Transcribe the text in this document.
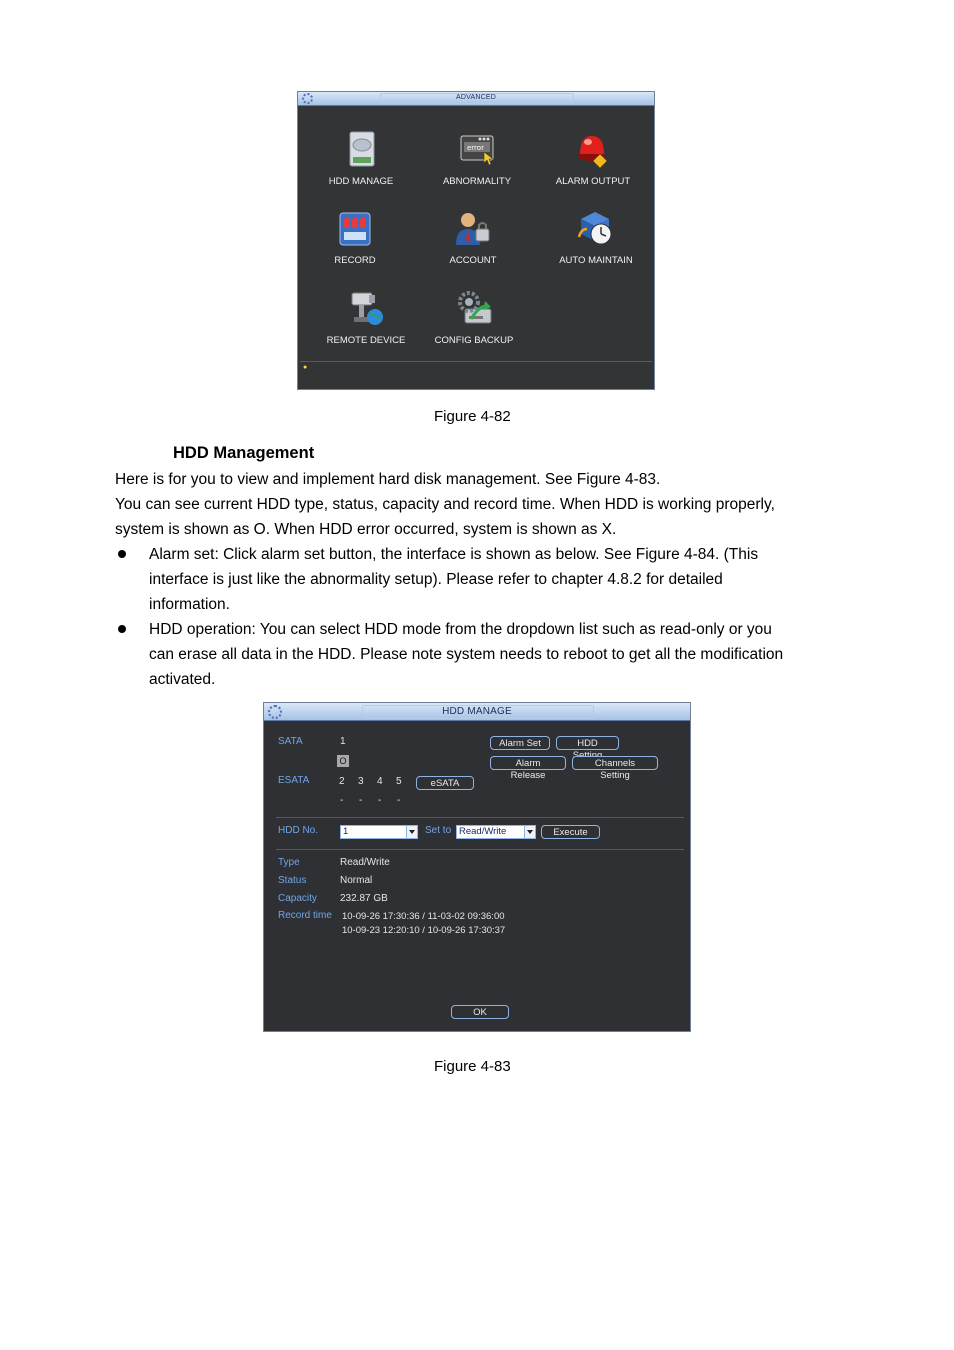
ADVANCED
HDD MANAGE
error
ABNORMALITY	ALARM OUTPUT
RECORD	ACCOUNT	AUTO MAINTAIN
REMOTE DEVICE	CONFIG BACKUP
●
Figure 4-82
HDD Management
Here is for you to view and implement hard disk management. See Figure 4-83.
You can see current HDD type, status, capacity and record time. When HDD is working properly,
system is shown as O. When HDD error occurred, system is shown as X.
Alarm set: Click alarm set button, the interface is shown as below. See Figure 4-84. (This
interface is just like the abnormality setup). Please refer to chapter 4.8.2 for detailed
information.
HDD operation: You can select HDD mode from the dropdown list such as read-only or you
can erase all data in the HDD. Please note system needs to reboot to get all the modification
activated.
HDD MANAGE
SATA	1
O
ESATA	2 3 4 5
- - - -
Alarm Set	HDD
Alarm Release
Channels Setting
eSATA
HDD No.	1	Set to Read/Write	Execute
Type	Read/Write
Status	Normal
Capacity 232.87 GB
Record time 10-09-26 17:30:36 / 11-03-02 09:36:00
10-09-23 12:20:10 / 10-09-26 17:30:37
OK
Figure 4-83
